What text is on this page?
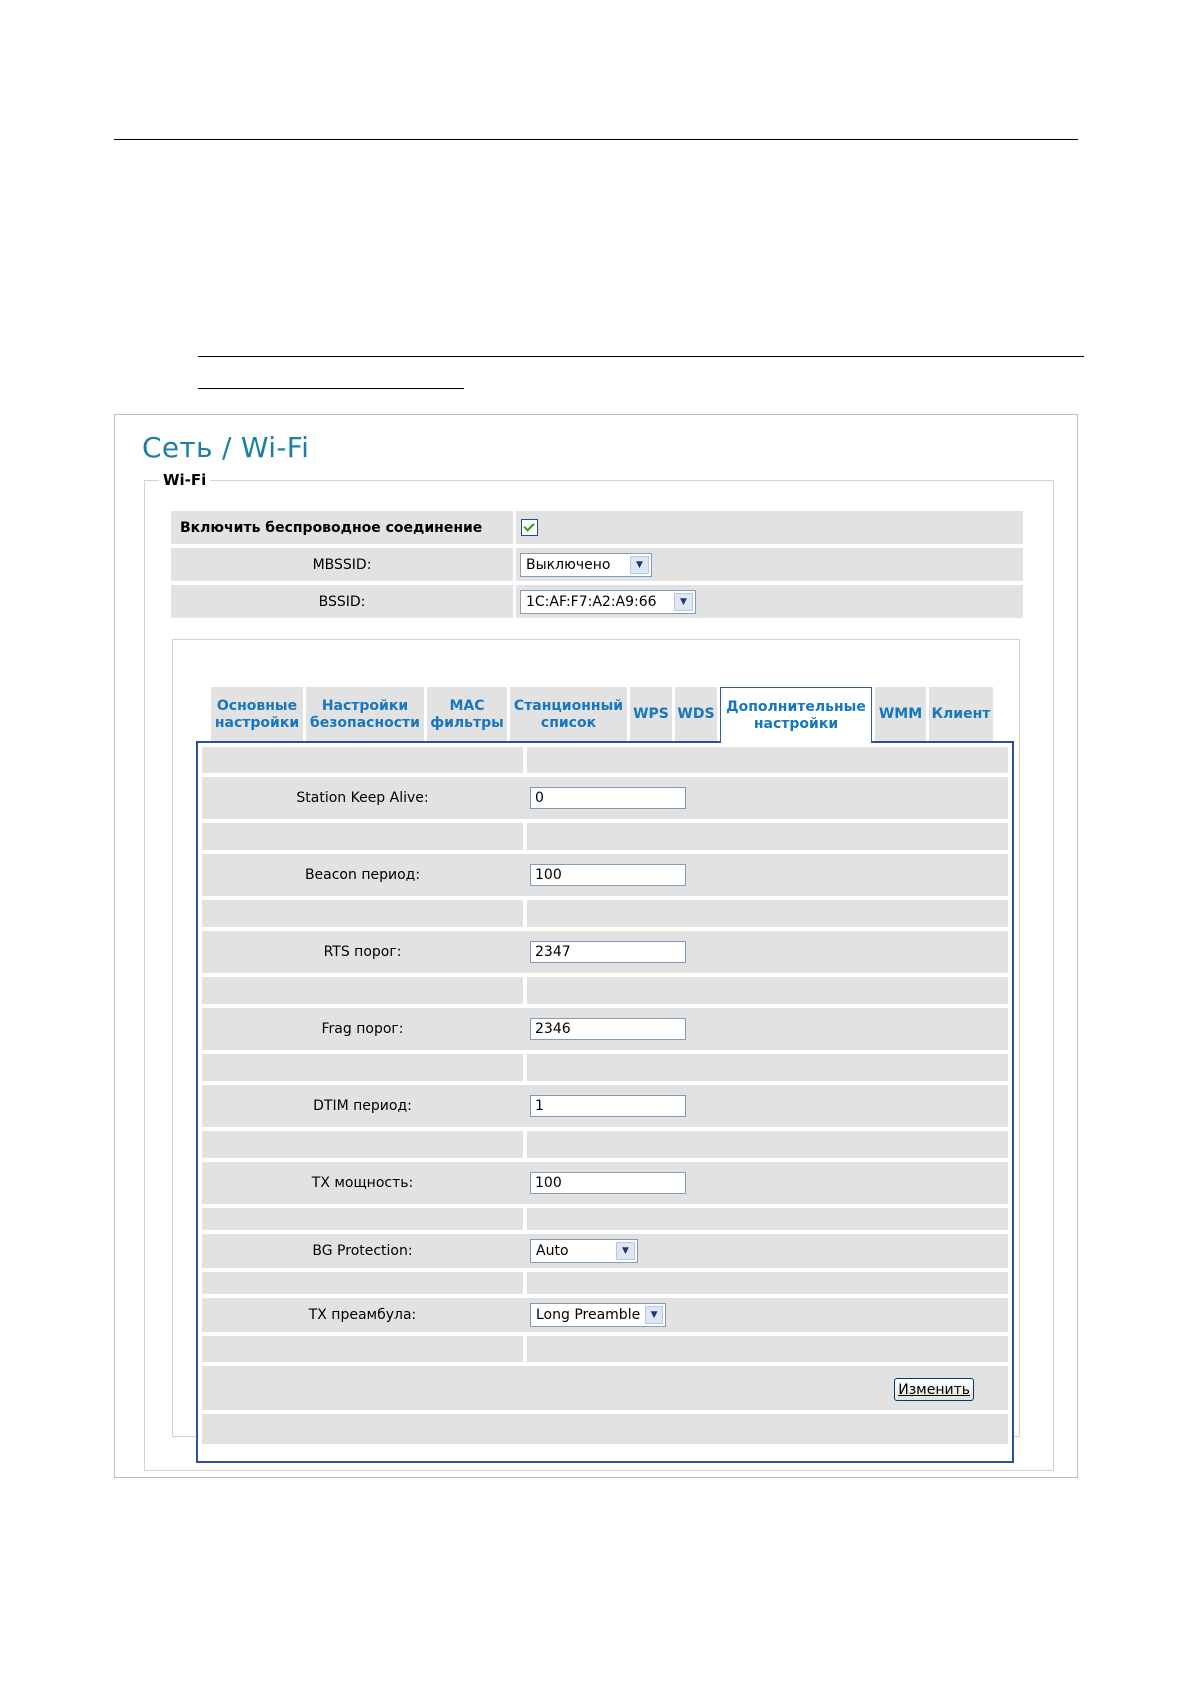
Сеть / Wi-Fi
Wi-Fi
Включить беспроводное соединение
MBSSID:	Выключено	▼
BSSID:	1C:AF:F7:A2:A9:66	▼
Основные
настройки
Настройки
безопасности
MAC
фильтры
Станционный
список
WPS WDS Дополнительные
настройки
WMM Клиент
Station Keep Alive:	0
Beacon период:	100
RTS порог:	2347
Frag порог:	2346
DTIM период:	1
TX мощность:	100
BG Protection:	Auto	▼
TX преамбула:	Long Preamble	▼
Изменить
